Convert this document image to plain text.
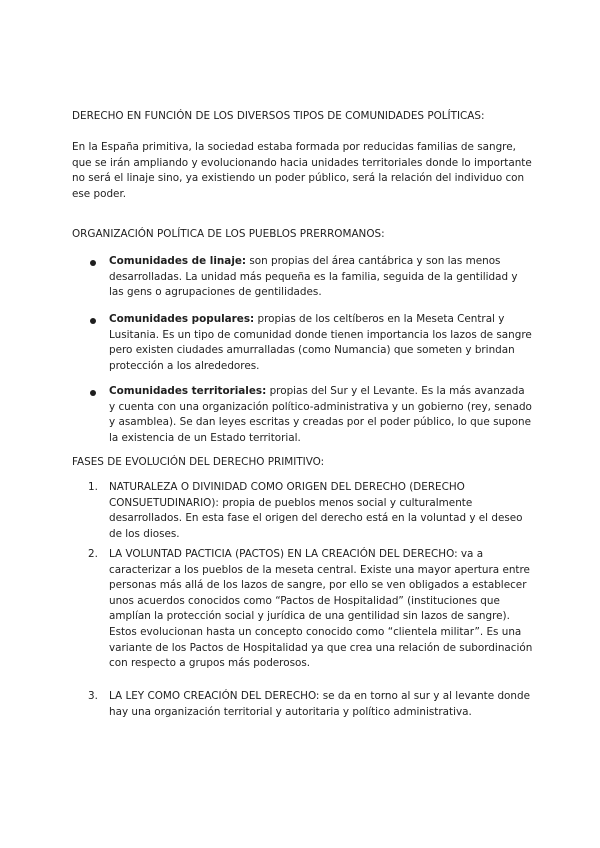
DERECHO EN FUNCIÓN DE LOS DIVERSOS TIPOS DE COMUNIDADES POLÍTICAS:

En la España primitiva, la sociedad estaba formada por reducidas familias de sangre, que se irán ampliando y evolucionando hacia unidades territoriales donde lo importante no será el linaje sino, ya existiendo un poder público, será la relación del individuo con ese poder.

ORGANIZACIÓN POLÍTICA DE LOS PUEBLOS PRERROMANOS:

Comunidades de linaje: son propias del área cantábrica y son las menos desarrolladas. La unidad más pequeña es la familia, seguida de la gentilidad y las gens o agrupaciones de gentilidades.

Comunidades populares: propias de los celtíberos en la Meseta Central y Lusitania. Es un tipo de comunidad donde tienen importancia los lazos de sangre pero existen ciudades amurralladas (como Numancia) que someten y brindan protección a los alrededores.

Comunidades territoriales: propias del Sur y el Levante. Es la más avanzada y cuenta con una organización político-administrativa y un gobierno (rey, senado y asamblea). Se dan leyes escritas y creadas por el poder público, lo que supone la existencia de un Estado territorial.

FASES DE EVOLUCIÓN DEL DERECHO PRIMITIVO:

1.	NATURALEZA O DIVINIDAD COMO ORIGEN DEL DERECHO (DERECHO CONSUETUDINARIO): propia de pueblos menos social y culturalmente desarrollados. En esta fase el origen del derecho está en la voluntad y el deseo de los dioses.

2.	LA VOLUNTAD PACTICIA (PACTOS) EN LA CREACIÓN DEL DERECHO: va a caracterizar a los pueblos de la meseta central. Existe una mayor apertura entre personas más allá de los lazos de sangre, por ello se ven obligados a establecer unos acuerdos conocidos como “Pactos de Hospitalidad” (instituciones que amplían la protección social y jurídica de una gentilidad sin lazos de sangre). Estos evolucionan hasta un concepto conocido como “clientela militar”. Es una variante de los Pactos de Hospitalidad ya que crea una relación de subordinación con respecto a grupos más poderosos.

3.	LA LEY COMO CREACIÓN DEL DERECHO: se da en torno al sur y al levante donde hay una organización territorial y autoritaria y político administrativa.
